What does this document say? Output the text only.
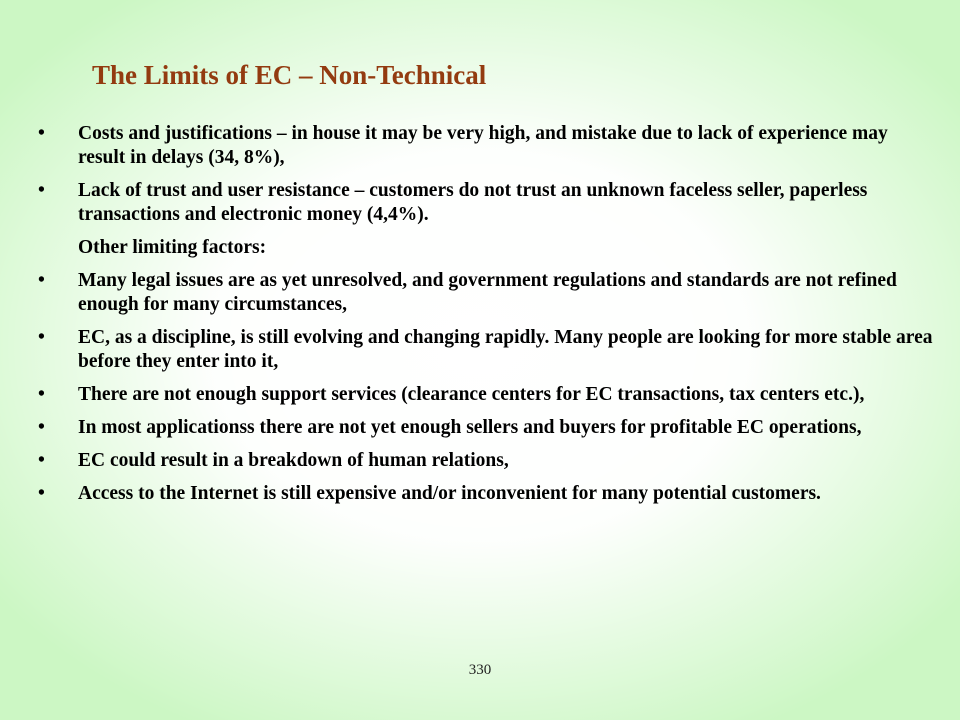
The Limits of EC – Non-Technical
•	Costs and justifications – in house it may be very high, and mistake due to lack of experience may result in delays (34, 8%),
•	Lack of trust and user resistance – customers do not trust an unknown faceless seller, paperless transactions and electronic money (4,4%).
Other limiting factors:
•	Many legal issues are as yet unresolved, and government regulations and standards are not refined enough for many circumstances,
•	EC, as a discipline, is still evolving and changing rapidly. Many people are looking for more stable area before they enter into it,
•	There are not enough support services (clearance centers for EC transactions, tax centers etc.),
•	In most applicationss there are not yet enough sellers and buyers for profitable EC operations,
•	EC could result in a breakdown of human relations,
•	Access to the Internet is still expensive and/or inconvenient for many potential customers.
330
